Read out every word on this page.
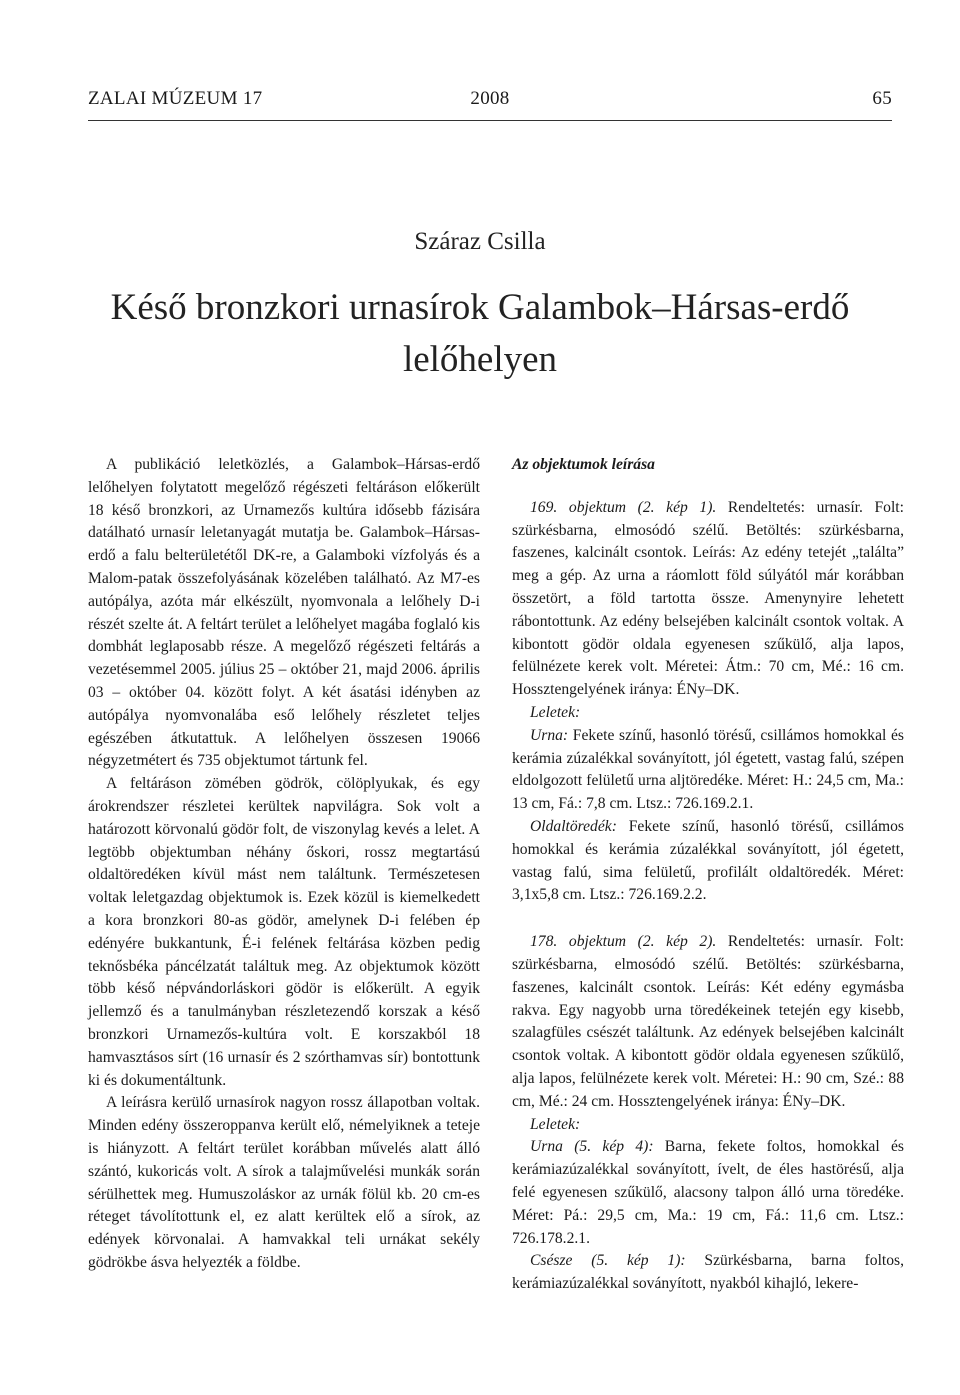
ZALAI MÚZEUM 17	2008	65
Száraz Csilla
Késő bronzkori urnasírok Galambok–Hársas-erdő
lelőhelyen

A publikáció leletközlés, a Galambok–Hársas-erdő lelőhelyen folytatott megelőző régészeti feltáráson előkerült 18 késő bronzkori, az Urnamezős kultúra idősebb fázisára datálható urnasír leletanyagát mutatja be. Galambok–Hársas-erdő a falu belterületétől DK-re, a Galamboki vízfolyás és a Malom-patak összefolyásának közelében található. Az M7-es autópálya, azóta már elkészült, nyomvonala a lelőhely D-i részét szelte át. A feltárt terület a lelőhelyet magába foglaló kis dombhát leglaposabb része. A megelőző régészeti feltárás a vezetésemmel 2005. július 25 – október 21, majd 2006. április 03 – október 04. között folyt. A két ásatási idényben az autópálya nyomvonalába eső lelőhely részletet teljes egészében átkutattuk. A lelőhelyen összesen 19066 négyzetmétert és 735 objektumot tártunk fel.

A feltáráson zömében gödrök, cölöplyukak, és egy árokrendszer részletei kerültek napvilágra. Sok volt a határozott körvonalú gödör folt, de viszonylag kevés a lelet. A legtöbb objektumban néhány őskori, rossz megtartású oldaltöredéken kívül mást nem találtunk. Természetesen voltak leletgazdag objektumok is. Ezek közül is kiemelkedett a kora bronzkori 80-as gödör, amelynek D-i felében ép edényére bukkantunk, É-i felének feltárása közben pedig teknősbéka páncélzatát találtuk meg. Az objektumok között több késő népvándorláskori gödör is előkerült. A egyik jellemző és a tanulmányban részletezendő korszak a késő bronzkori Urnamezős-kultúra volt. E korszakból 18 hamvasztásos sírt (16 urnasír és 2 szórthamvas sír) bontottunk ki és dokumentáltunk.

A leírásra kerülő urnasírok nagyon rossz állapotban voltak. Minden edény összeroppanva került elő, némelyiknek a teteje is hiányzott. A feltárt terület korábban művelés alatt álló szántó, kukoricás volt. A sírok a talajművelési munkák során sérülhettek meg. Humuszoláskor az urnák fölül kb. 20 cm-es réteget távolítottunk el, ez alatt kerültek elő a sírok, az edények körvonalai. A hamvakkal teli urnákat sekély gödrökbe ásva helyezték a földbe.

Az objektumok leírása

169. objektum (2. kép 1). Rendeltetés: urnasír. Folt: szürkésbarna, elmosódó szélű. Betöltés: szürkésbarna, faszenes, kalcinált csontok. Leírás: Az edény tetejét „találta” meg a gép. Az urna a ráomlott föld súlyától már korábban összetört, a föld tartotta össze. Amenynyire lehetett rábontottunk. Az edény belsejében kalcinált csontok voltak. A kibontott gödör oldala egyenesen szűkülő, alja lapos, felülnézete kerek volt. Méretei: Átm.: 70 cm, Mé.: 16 cm. Hossztengelyének iránya: ÉNy–DK.

Leletek:

Urna: Fekete színű, hasonló törésű, csillámos homokkal és kerámia zúzalékkal soványított, jól égetett, vastag falú, szépen eldolgozott felületű urna aljtöredéke. Méret: H.: 24,5 cm, Ma.: 13 cm, Fá.: 7,8 cm. Ltsz.: 726.169.2.1.

Oldaltöredék: Fekete színű, hasonló törésű, csillámos homokkal és kerámia zúzalékkal soványított, jól égetett, vastag falú, sima felületű, profilált oldaltöredék. Méret: 3,1x5,8 cm. Ltsz.: 726.169.2.2.

178. objektum (2. kép 2). Rendeltetés: urnasír. Folt: szürkésbarna, elmosódó szélű. Betöltés: szürkésbarna, faszenes, kalcinált csontok. Leírás: Két edény egymásba rakva. Egy nagyobb urna töredékeinek tetején egy kisebb, szalagfüles csészét találtunk. Az edények belsejében kalcinált csontok voltak. A kibontott gödör oldala egyenesen szűkülő, alja lapos, felülnézete kerek volt. Méretei: H.: 90 cm, Szé.: 88 cm, Mé.: 24 cm. Hossztengelyének iránya: ÉNy–DK.

Leletek:

Urna (5. kép 4): Barna, fekete foltos, homokkal és kerámiazúzalékkal soványított, ívelt, de éles hastörésű, alja felé egyenesen szűkülő, alacsony talpon álló urna töredéke. Méret: Pá.: 29,5 cm, Ma.: 19 cm, Fá.: 11,6 cm. Ltsz.: 726.178.2.1.

Csésze (5. kép 1): Szürkésbarna, barna foltos, kerámiazúzalékkal soványított, nyakból kihajló, lekere-
